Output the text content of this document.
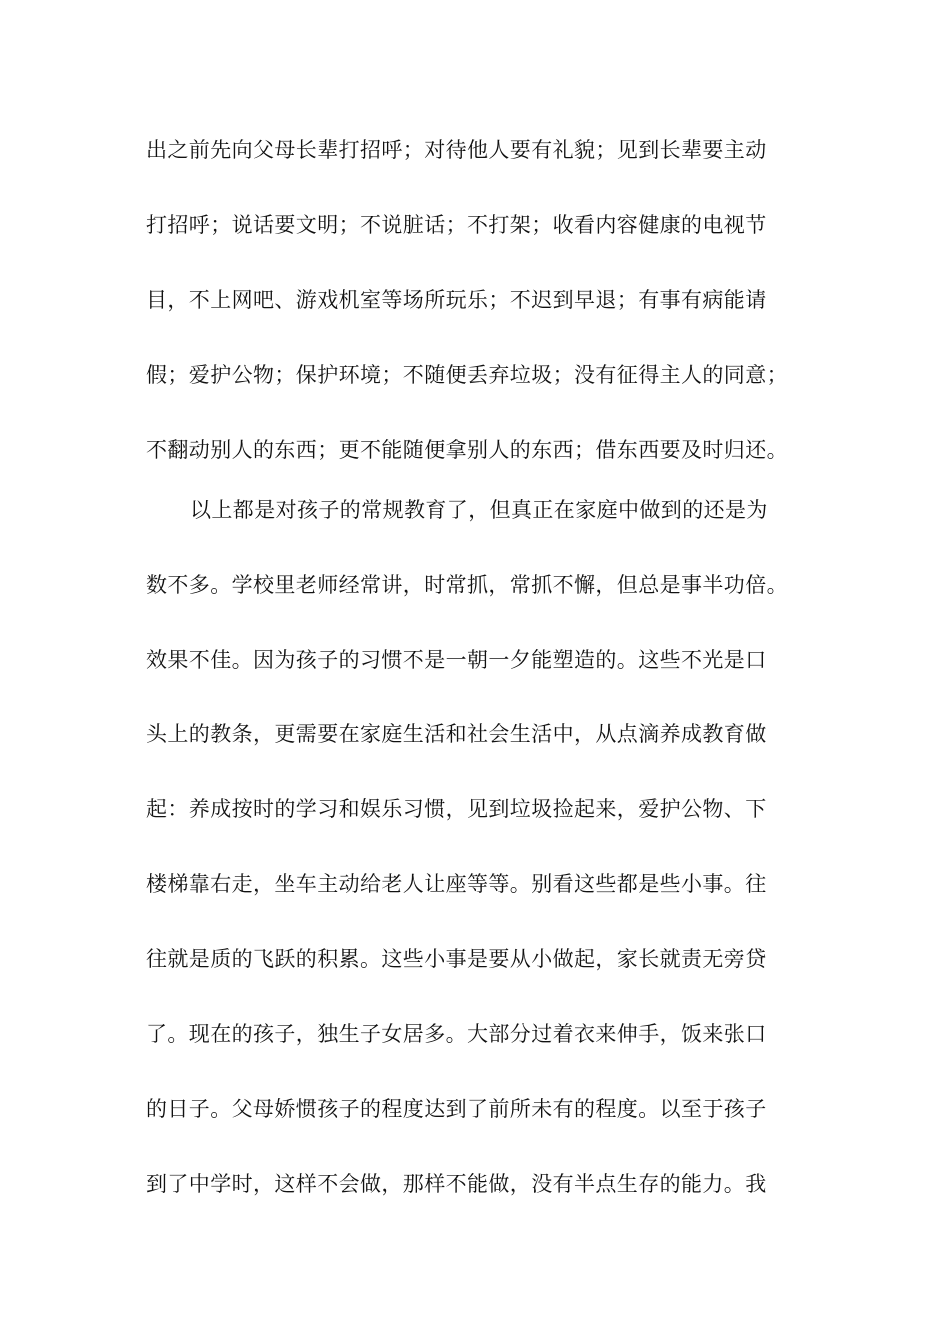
出之前先向父母长辈打招呼；对待他人要有礼貌；见到长辈要主动
打招呼；说话要文明；不说脏话；不打架；收看内容健康的电视节
目，不上网吧、游戏机室等场所玩乐；不迟到早退；有事有病能请
假；爱护公物；保护环境；不随便丢弃垃圾；没有征得主人的同意；
不翻动别人的东西；更不能随便拿别人的东西；借东西要及时归还。
以上都是对孩子的常规教育了，但真正在家庭中做到的还是为
数不多。学校里老师经常讲，时常抓，常抓不懈，但总是事半功倍。
效果不佳。因为孩子的习惯不是一朝一夕能塑造的。这些不光是口
头上的教条，更需要在家庭生活和社会生活中，从点滴养成教育做
起：养成按时的学习和娱乐习惯，见到垃圾捡起来，爱护公物、下
楼梯靠右走，坐车主动给老人让座等等。别看这些都是些小事。往
往就是质的飞跃的积累。这些小事是要从小做起，家长就责无旁贷
了。现在的孩子，独生子女居多。大部分过着衣来伸手，饭来张口
的日子。父母娇惯孩子的程度达到了前所未有的程度。以至于孩子
到了中学时，这样不会做，那样不能做，没有半点生存的能力。我
